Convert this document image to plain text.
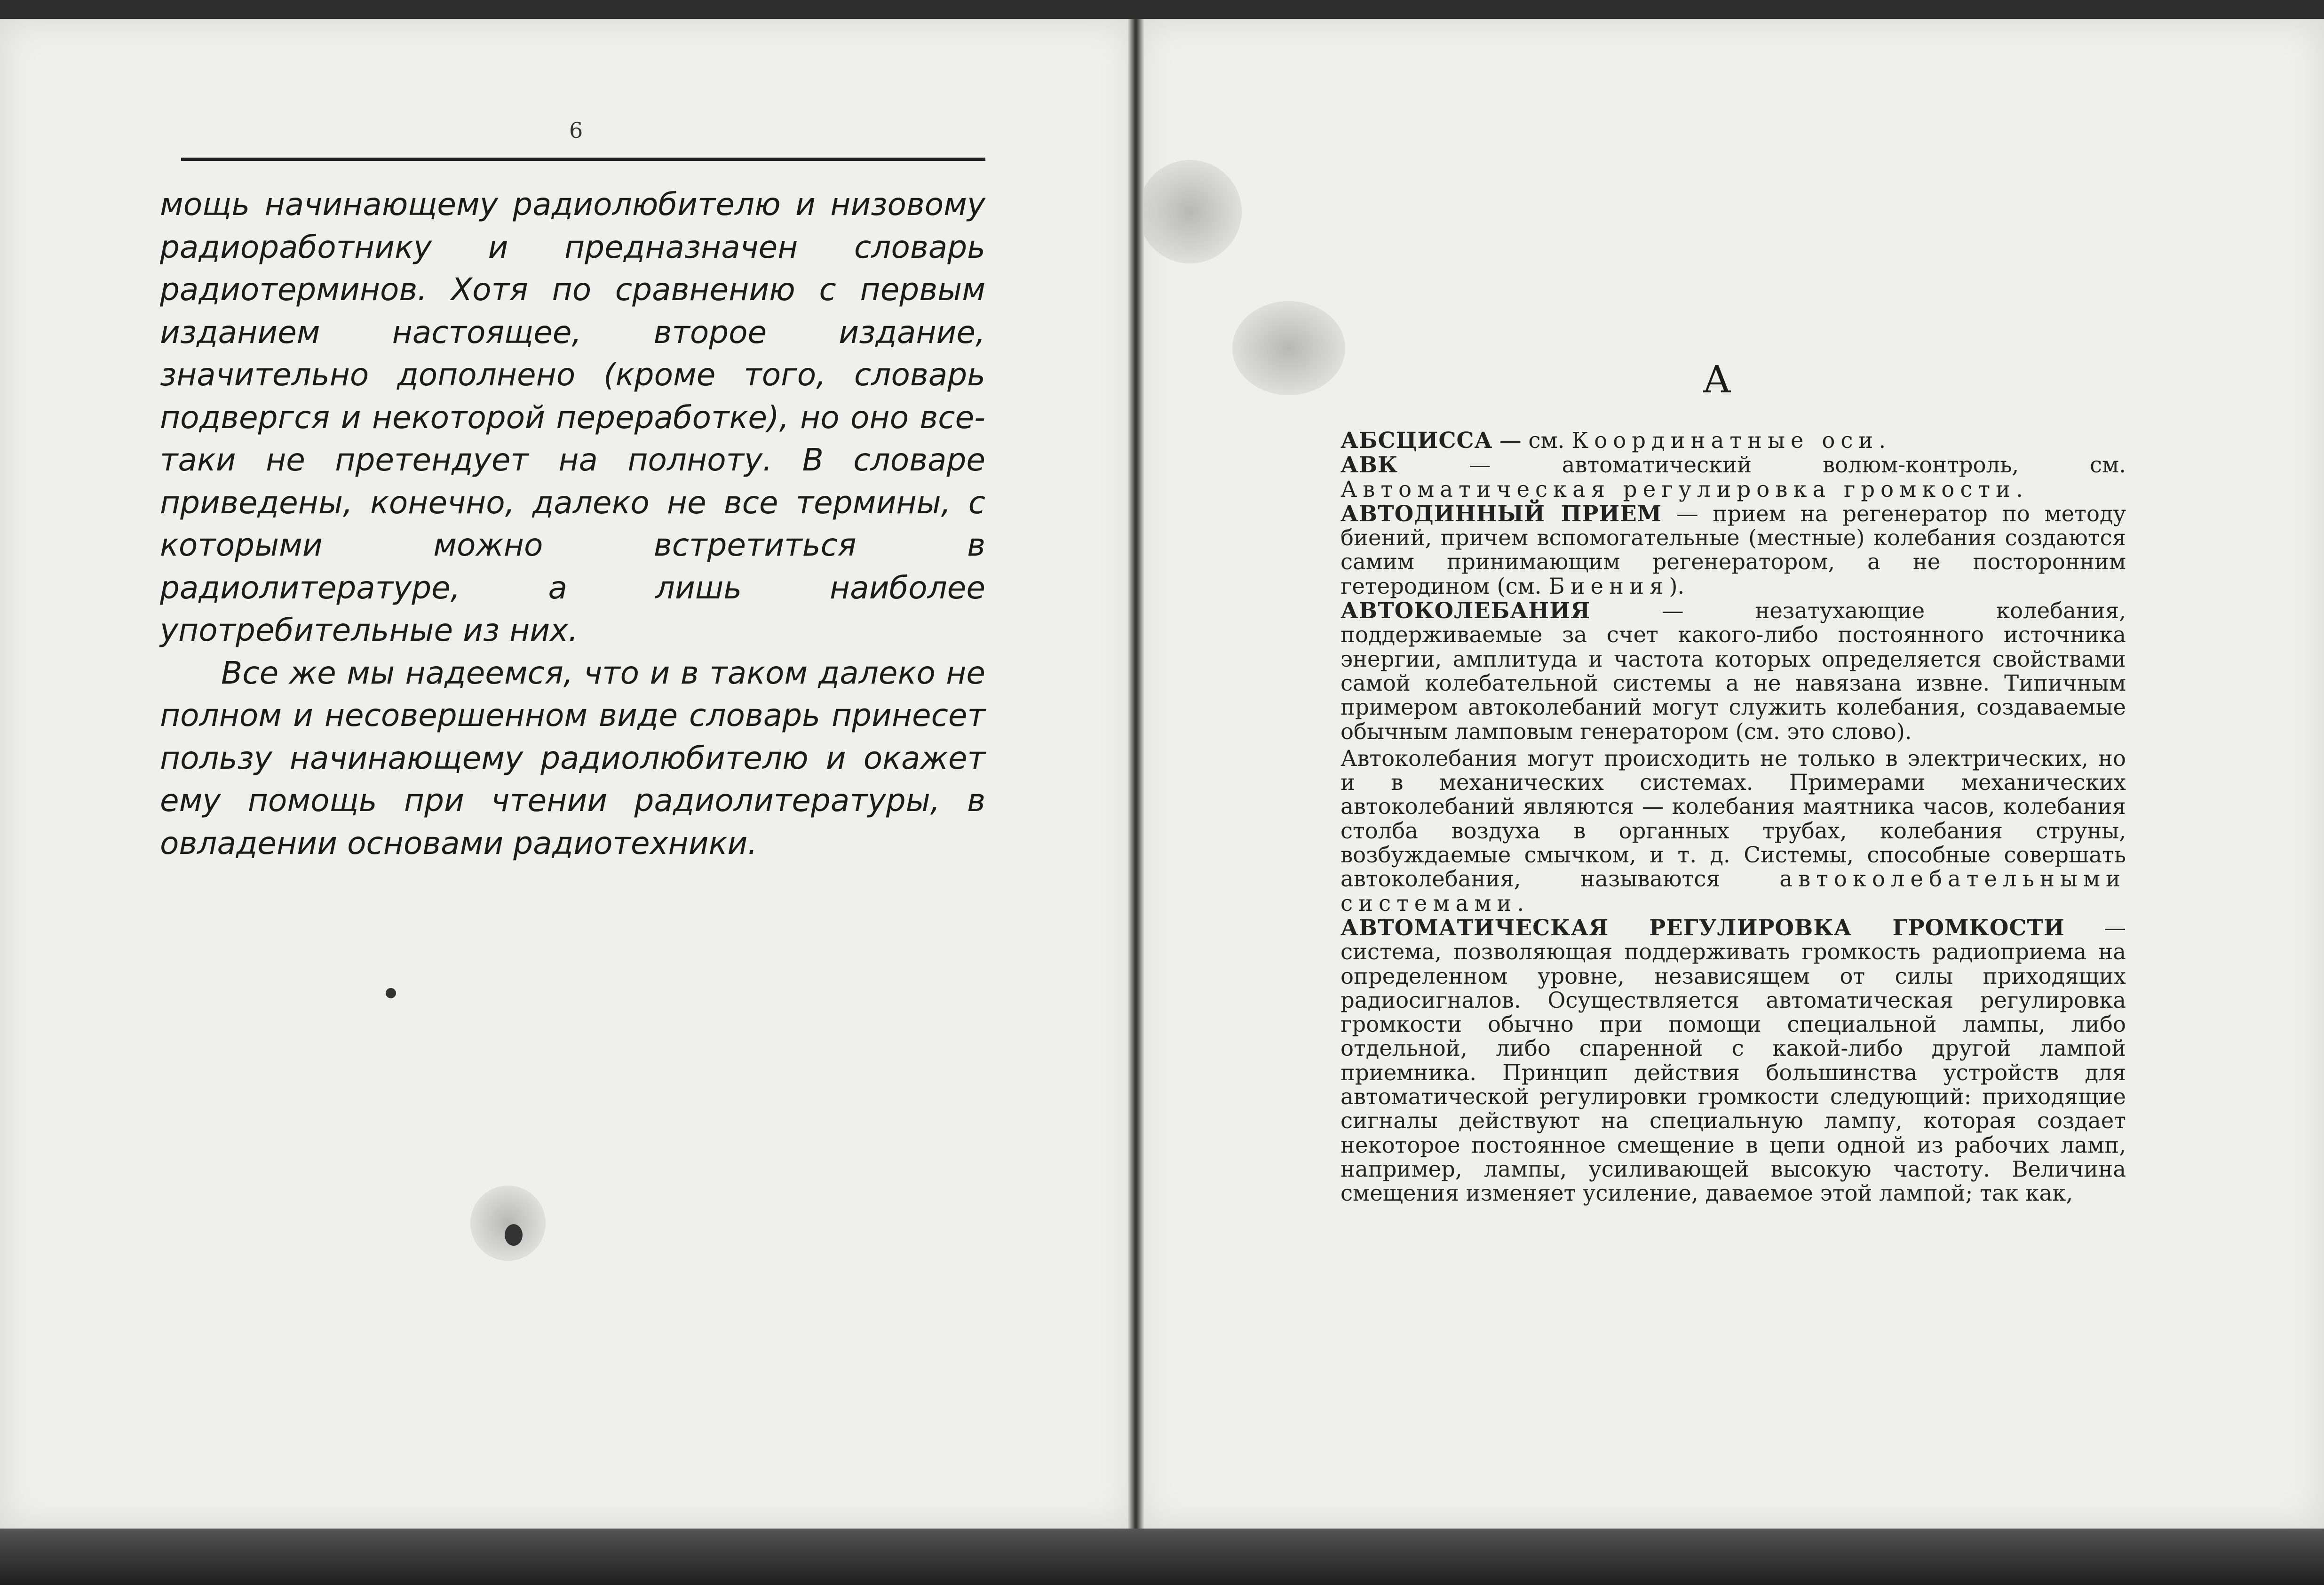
6

мощь начинающему радиолюбителю и низовому радиоработнику и предназначен словарь радиотерминов. Хотя по сравнению с первым изданием настоящее, второе издание, значительно дополнено (кроме того, словарь подвергся и некоторой переработке), но оно все-таки не претендует на полноту. В словаре приведены, конечно, далеко не все термины, с которыми можно встретиться в радиолитературе, а лишь наиболее употребительные из них.

Все же мы надеемся, что и в таком далеко не полном и несовершенном виде словарь принесет пользу начинающему радиолюбителю и окажет ему помощь при чтении радиолитературы, в овладении основами радиотехники.

А

АБСЦИССА — см. Координатные оси.

АВК — автоматический волюм-контроль, см. Автоматическая регулировка громкости.

АВТОДИННЫЙ ПРИЕМ — прием на регенератор по методу биений, причем вспомогательные (местные) колебания создаются самим принимающим регенератором, а не посторонним гетеродином (см. Биения).

АВТОКОЛЕБАНИЯ — незатухающие колебания, поддерживаемые за счет какого-либо постоянного источника энергии, амплитуда и частота которых определяется свойствами самой колебательной системы а не навязана извне. Типичным примером автоколебаний могут служить колебания, создаваемые обычным ламповым генератором (см. это слово).

Автоколебания могут происходить не только в электрических, но и в механических системах. Примерами механических автоколебаний являются — колебания маятника часов, колебания столба воздуха в органных трубах, колебания струны, возбуждаемые смычком, и т. д. Системы, способные совершать автоколебания, называются автоколебательными системами.

АВТОМАТИЧЕСКАЯ РЕГУЛИРОВКА ГРОМКОСТИ — система, позволяющая поддерживать громкость радиоприема на определенном уровне, независящем от силы приходящих радиосигналов. Осуществляется автоматическая регулировка громкости обычно при помощи специальной лампы, либо отдельной, либо спаренной с какой-либо другой лампой приемника. Принцип действия большинства устройств для автоматической регулировки громкости следующий: приходящие сигналы действуют на специальную лампу, которая создает некоторое постоянное смещение в цепи одной из рабочих ламп, например, лампы, усиливающей высокую частоту. Величина смещения изменяет усиление, даваемое этой лампой; так как,
